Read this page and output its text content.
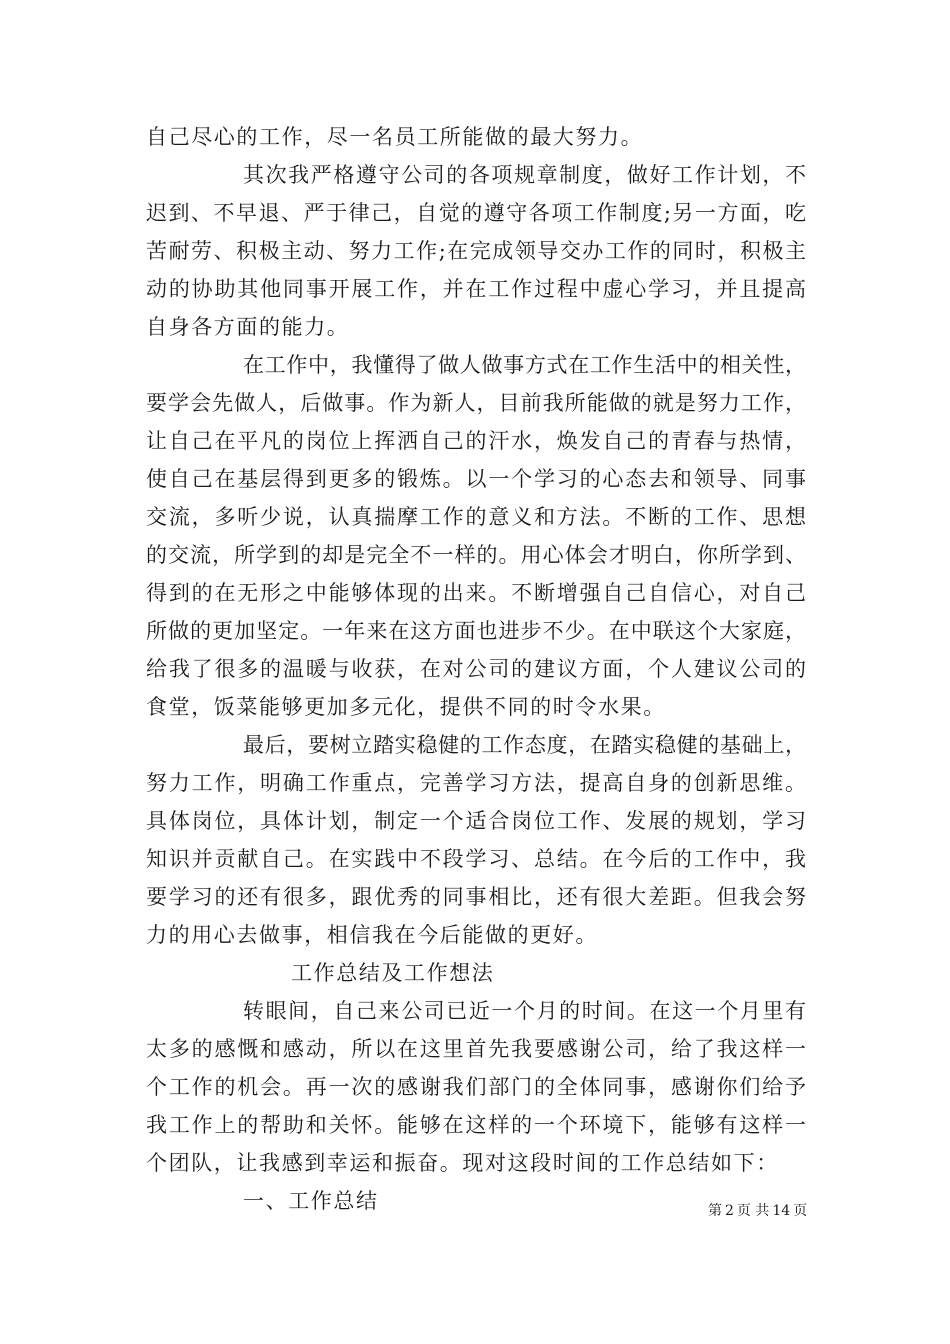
自己尽心的工作，尽一名员工所能做的最大努力。
其次我严格遵守公司的各项规章制度，做好工作计划，不
迟到、不早退、严于律己，自觉的遵守各项工作制度;另一方面，吃
苦耐劳、积极主动、努力工作;在完成领导交办工作的同时，积极主
动的协助其他同事开展工作，并在工作过程中虚心学习，并且提高
自身各方面的能力。
在工作中，我懂得了做人做事方式在工作生活中的相关性，
要学会先做人，后做事。作为新人，目前我所能做的就是努力工作，
让自己在平凡的岗位上挥洒自己的汗水，焕发自己的青春与热情，
使自己在基层得到更多的锻炼。以一个学习的心态去和领导、同事
交流，多听少说，认真揣摩工作的意义和方法。不断的工作、思想
的交流，所学到的却是完全不一样的。用心体会才明白，你所学到、
得到的在无形之中能够体现的出来。不断增强自己自信心，对自己
所做的更加坚定。一年来在这方面也进步不少。在中联这个大家庭，
给我了很多的温暖与收获，在对公司的建议方面，个人建议公司的
食堂，饭菜能够更加多元化，提供不同的时令水果。
最后，要树立踏实稳健的工作态度，在踏实稳健的基础上，
努力工作，明确工作重点，完善学习方法，提高自身的创新思维。
具体岗位，具体计划，制定一个适合岗位工作、发展的规划，学习
知识并贡献自己。在实践中不段学习、总结。在今后的工作中，我
要学习的还有很多，跟优秀的同事相比，还有很大差距。但我会努
力的用心去做事，相信我在今后能做的更好。
工作总结及工作想法
转眼间，自己来公司已近一个月的时间。在这一个月里有
太多的感慨和感动，所以在这里首先我要感谢公司，给了我这样一
个工作的机会。再一次的感谢我们部门的全体同事，感谢你们给予
我工作上的帮助和关怀。能够在这样的一个环境下，能够有这样一
个团队，让我感到幸运和振奋。现对这段时间的工作总结如下：
一、工作总结	第 2 页 共 14 页
